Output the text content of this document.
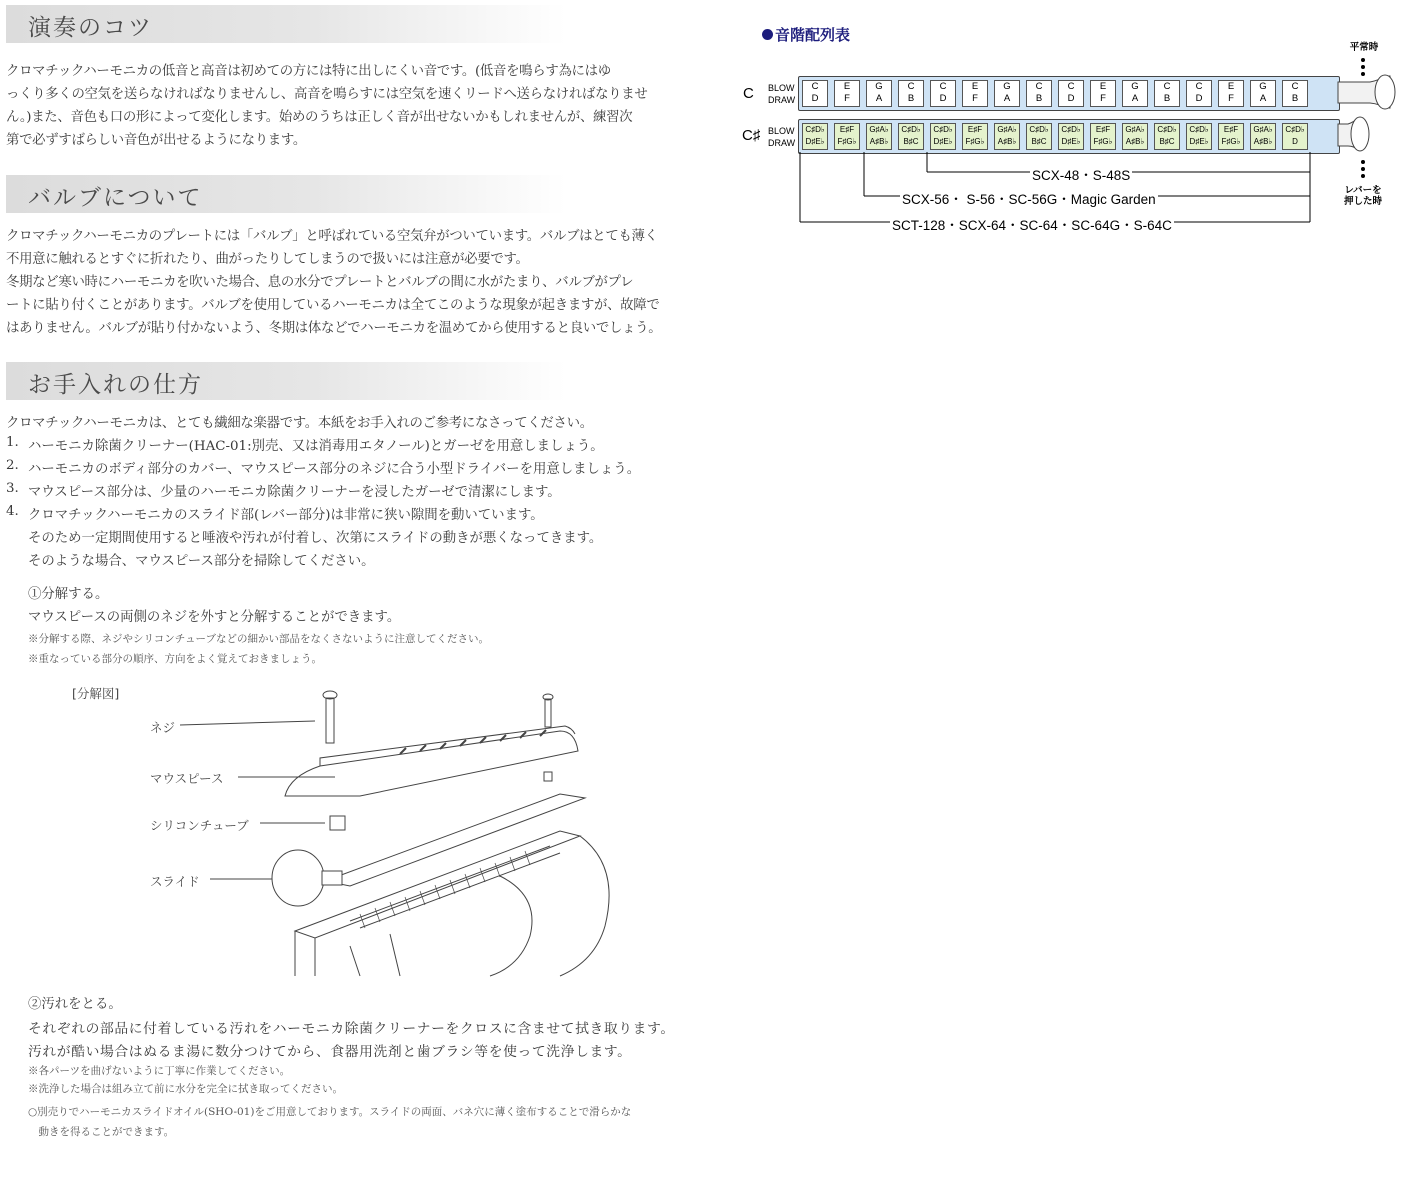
演奏のコツ
クロマチックハーモニカの低音と高音は初めての方には特に出しにくい音です。(低音を鳴らす為にはゆ
っくり多くの空気を送らなければなりませんし、高音を鳴らすには空気を速くリードへ送らなければなりませ
ん。)また、音色も口の形によって変化します。始めのうちは正しく音が出せないかもしれませんが、練習次
第で必ずすばらしい音色が出せるようになります。
バルブについて
クロマチックハーモニカのプレートには「バルブ」と呼ばれている空気弁がついています。バルブはとても薄く
不用意に触れるとすぐに折れたり、曲がったりしてしまうので扱いには注意が必要です。
冬期など寒い時にハーモニカを吹いた場合、息の水分でプレートとバルブの間に水がたまり、バルブがプレ
ートに貼り付くことがあります。バルブを使用しているハーモニカは全てこのような現象が起きますが、故障で
はありません。バルブが貼り付かないよう、冬期は体などでハーモニカを温めてから使用すると良いでしょう。
お手入れの仕方
クロマチックハーモニカは、とても繊細な楽器です。本紙をお手入れのご参考になさってください。
1. ハーモニカ除菌クリーナー(HAC-01:別売、又は消毒用エタノール)とガーゼを用意しましょう。
2. ハーモニカのボディ部分のカバー、マウスピース部分のネジに合う小型ドライバーを用意しましょう。
3. マウスピース部分は、少量のハーモニカ除菌クリーナーを浸したガーゼで清潔にします。
4. クロマチックハーモニカのスライド部(レバー部分)は非常に狭い隙間を動いています。
そのため一定期間使用すると唾液や汚れが付着し、次第にスライドの動きが悪くなってきます。
そのような場合、マウスピース部分を掃除してください。
①分解する。
マウスピースの両側のネジを外すと分解することができます。
※分解する際、ネジやシリコンチューブなどの細かい部品をなくさないように注意してください。
※重なっている部分の順序、方向をよく覚えておきましょう。
[分解図]
ネジ
マウスピース
シリコンチューブ
スライド
②汚れをとる。
それぞれの部品に付着している汚れをハーモニカ除菌クリーナーをクロスに含ませて拭き取ります。
汚れが酷い場合はぬるま湯に数分つけてから、食器用洗剤と歯ブラシ等を使って洗浄します。
※各パーツを曲げないように丁寧に作業してください。
※洗浄した場合は組み立て前に水分を完全に拭き取ってください。
○別売りでハーモニカスライドオイル(SHO-01)をご用意しております。スライドの両面、バネ穴に薄く塗布することで滑らかな
　動きを得ることができます。
音階配列表
C BLOW
DRAW
C
D
E
F
G
A
C
B
C
D
E
F
G
A
C
B
C
D
E
F
G
A
C
B
C
D
E
F
G
A
C
B
C♯ BLOW
DRAW
C♯D♭
D♯E♭
E♯F
F♯G♭
G♯A♭
A♯B♭
C♯D♭
B♯C
C♯D♭
D♯E♭
E♯F
F♯G♭
G♯A♭
A♯B♭
C♯D♭
B♯C
C♯D♭
D♯E♭
E♯F
F♯G♭
G♯A♭
A♯B♭
C♯D♭
B♯C
C♯D♭
D♯E♭
E♯F
F♯G♭
G♯A♭
A♯B♭
C♯D♭
D
平常時
レバーを
押した時
SCX-48・S-48S
SCX-56・ S-56・SC-56G・Magic Garden
SCT-128・SCX-64・SC-64・SC-64G・S-64C
